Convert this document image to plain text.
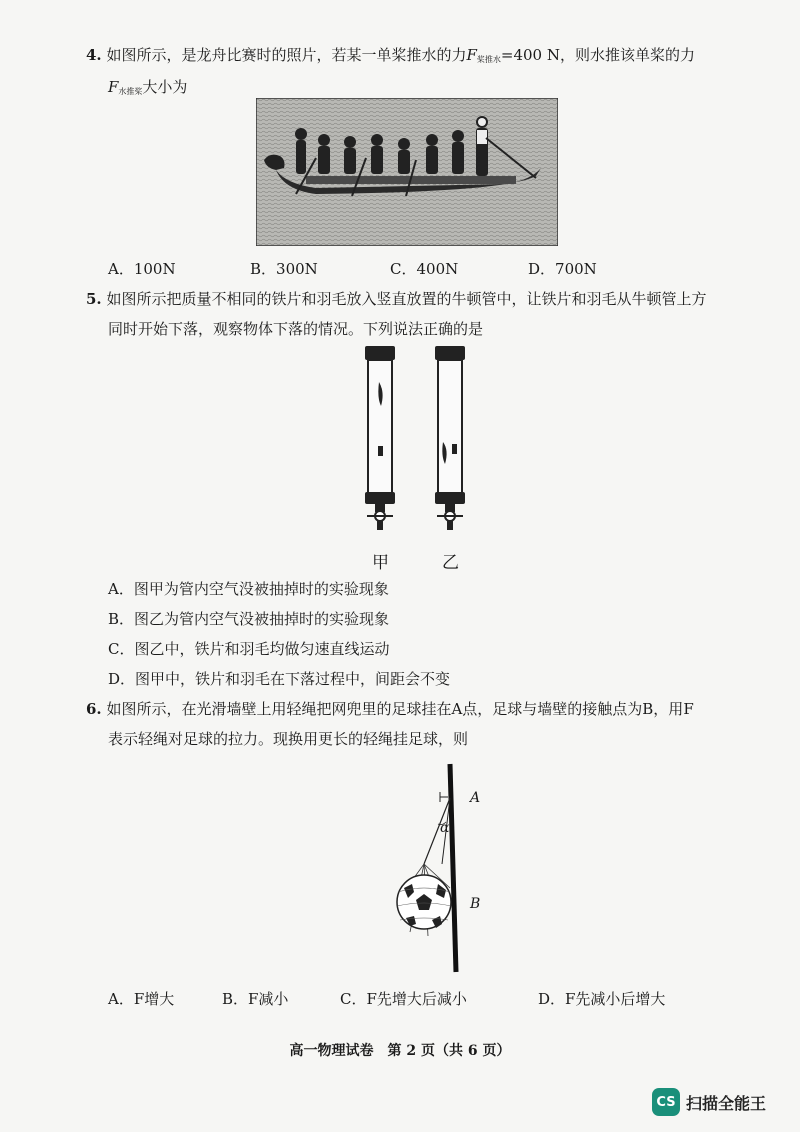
4. 如图所示，是龙舟比赛时的照片，若某一单桨推水的力$F_{桨推水}=400$ N，则水推该单桨的力
$F_{水推桨}$大小为
A．100N	B．300N	C．400N	D．700N
5. 如图所示把质量不相同的铁片和羽毛放入竖直放置的牛顿管中，让铁片和羽毛从牛顿管上方
同时开始下落，观察物体下落的情况。下列说法正确的是
甲	乙
A．图甲为管内空气没被抽掉时的实验现象
B．图乙为管内空气没被抽掉时的实验现象
C．图乙中，铁片和羽毛均做匀速直线运动
D．图甲中，铁片和羽毛在下落过程中，间距会不变
6. 如图所示，在光滑墙壁上用轻绳把网兜里的足球挂在A点，足球与墙壁的接触点为B，用F
表示轻绳对足球的拉力。现换用更长的轻绳挂足球，则
A
α
B
A．F增大	B．F减小	C．F先增大后减小	D．F先减小后增大
高一物理试卷　第 2 页（共 6 页）
CS 扫描全能王
